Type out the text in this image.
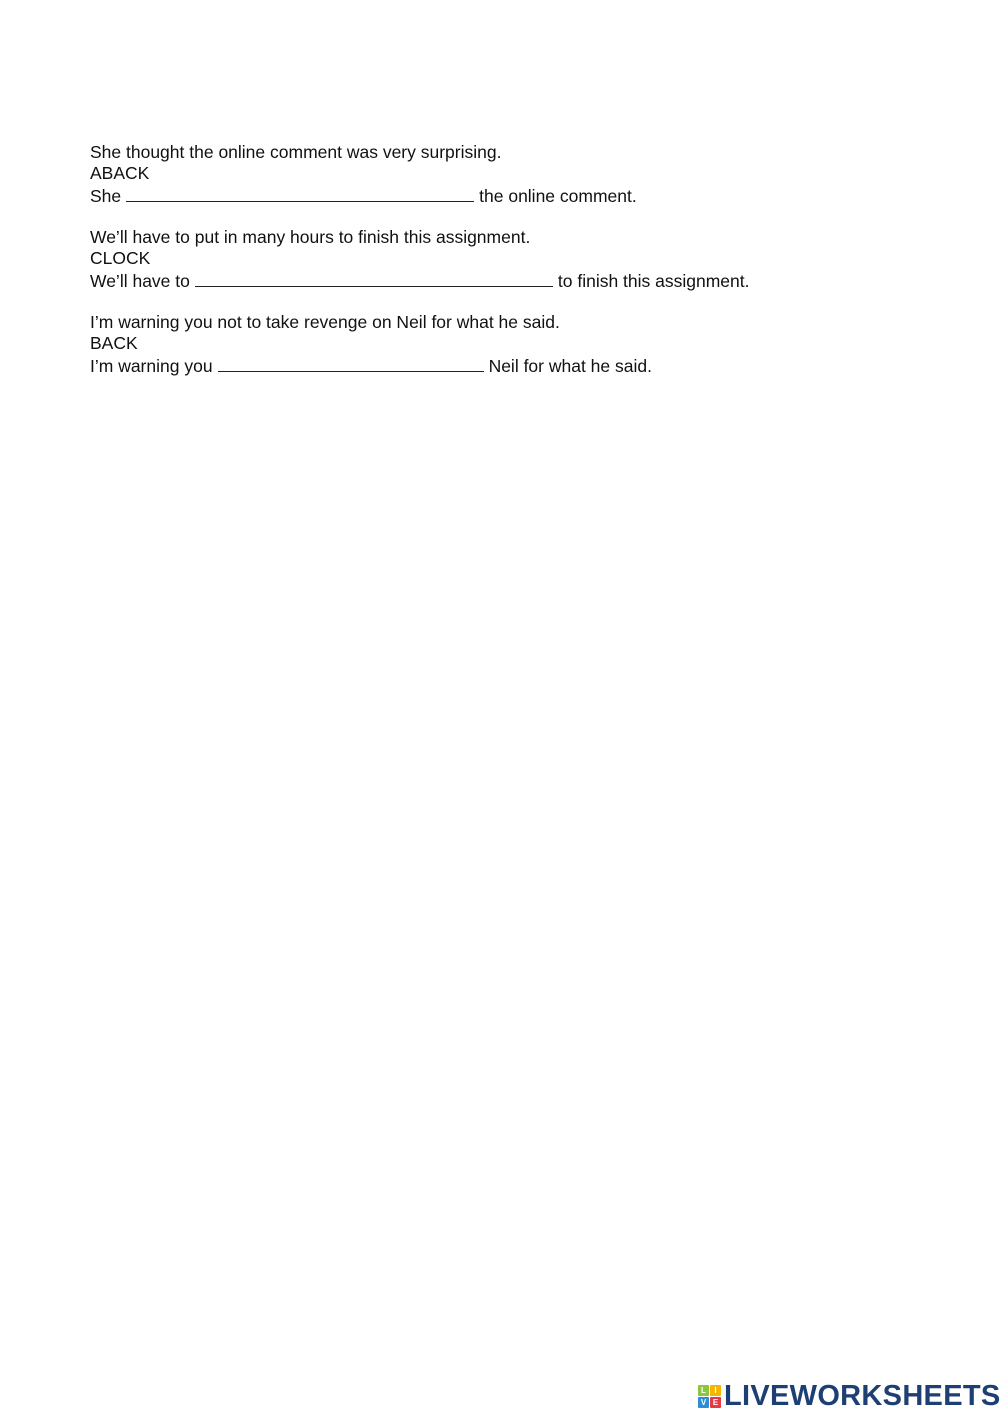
She thought the online comment was very surprising.
ABACK
She	the online comment.
We’ll have to put in many hours to finish this assignment.
CLOCK
We’ll have to	to finish this assignment.
I’m warning you not to take revenge on Neil for what he said.
BACK
I’m warning you	Neil for what he said.
L	I
V E LIVEWORKSHEETS
